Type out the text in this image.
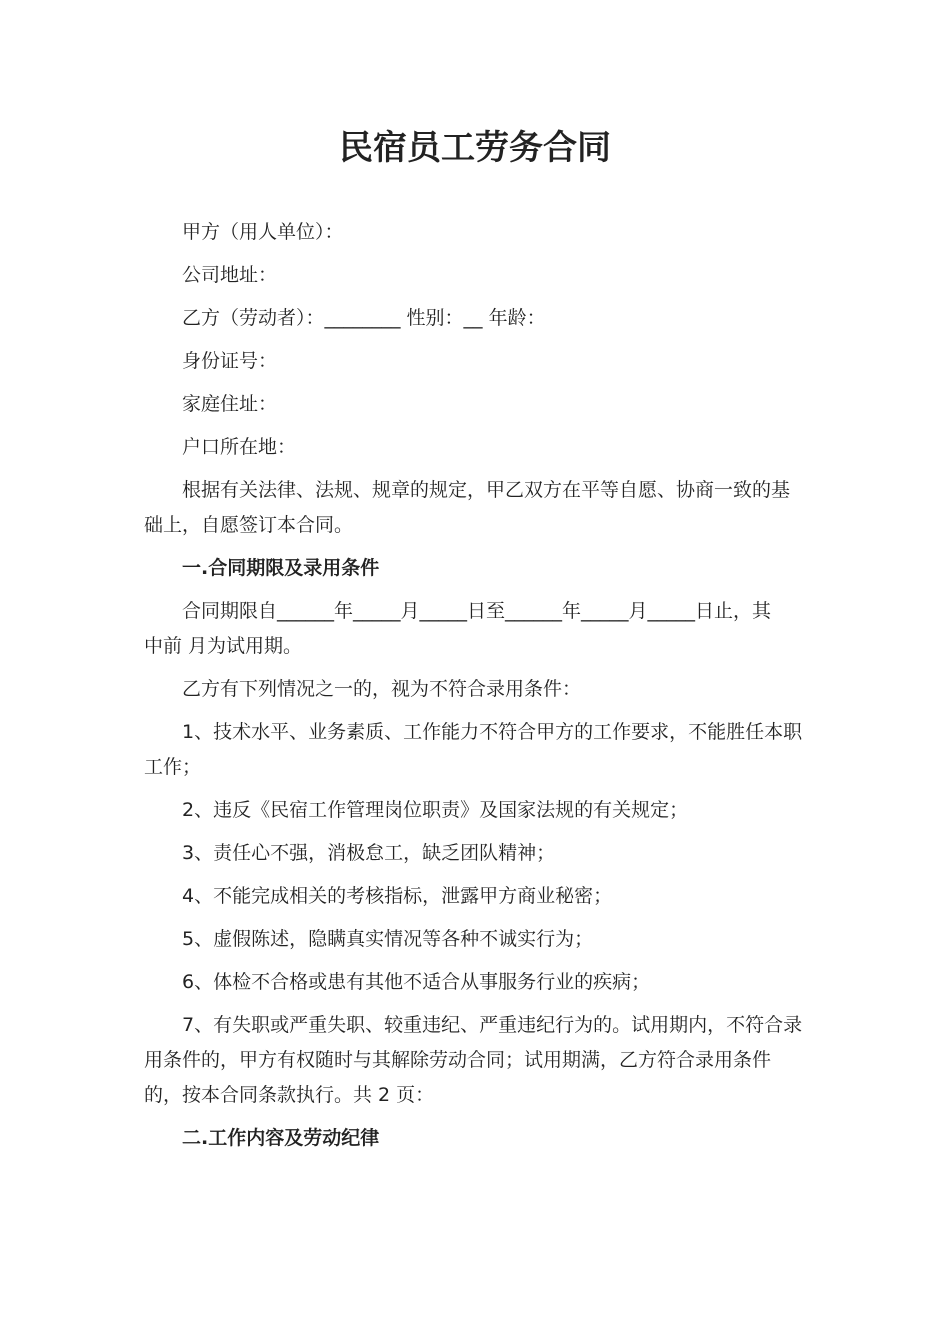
民宿员工劳务合同
甲方（用人单位）：
公司地址：
乙方（劳动者）：________ 性别：__ 年龄：
身份证号：
家庭住址：
户口所在地：
根据有关法律、法规、规章的规定，甲乙双方在平等自愿、协商一致的基
础上，自愿签订本合同。
一.合同期限及录用条件
合同期限自______年_____月_____日至______年_____月_____日止，其
中前 月为试用期。
乙方有下列情况之一的，视为不符合录用条件：
1、技术水平、业务素质、工作能力不符合甲方的工作要求，不能胜任本职
工作；
2、违反《民宿工作管理岗位职责》及国家法规的有关规定；
3、责任心不强，消极怠工，缺乏团队精神；
4、不能完成相关的考核指标，泄露甲方商业秘密；
5、虚假陈述，隐瞒真实情况等各种不诚实行为；
6、体检不合格或患有其他不适合从事服务行业的疾病；
7、有失职或严重失职、较重违纪、严重违纪行为的。试用期内，不符合录
用条件的，甲方有权随时与其解除劳动合同；试用期满，乙方符合录用条件
的，按本合同条款执行。共 2 页：
二.工作内容及劳动纪律
